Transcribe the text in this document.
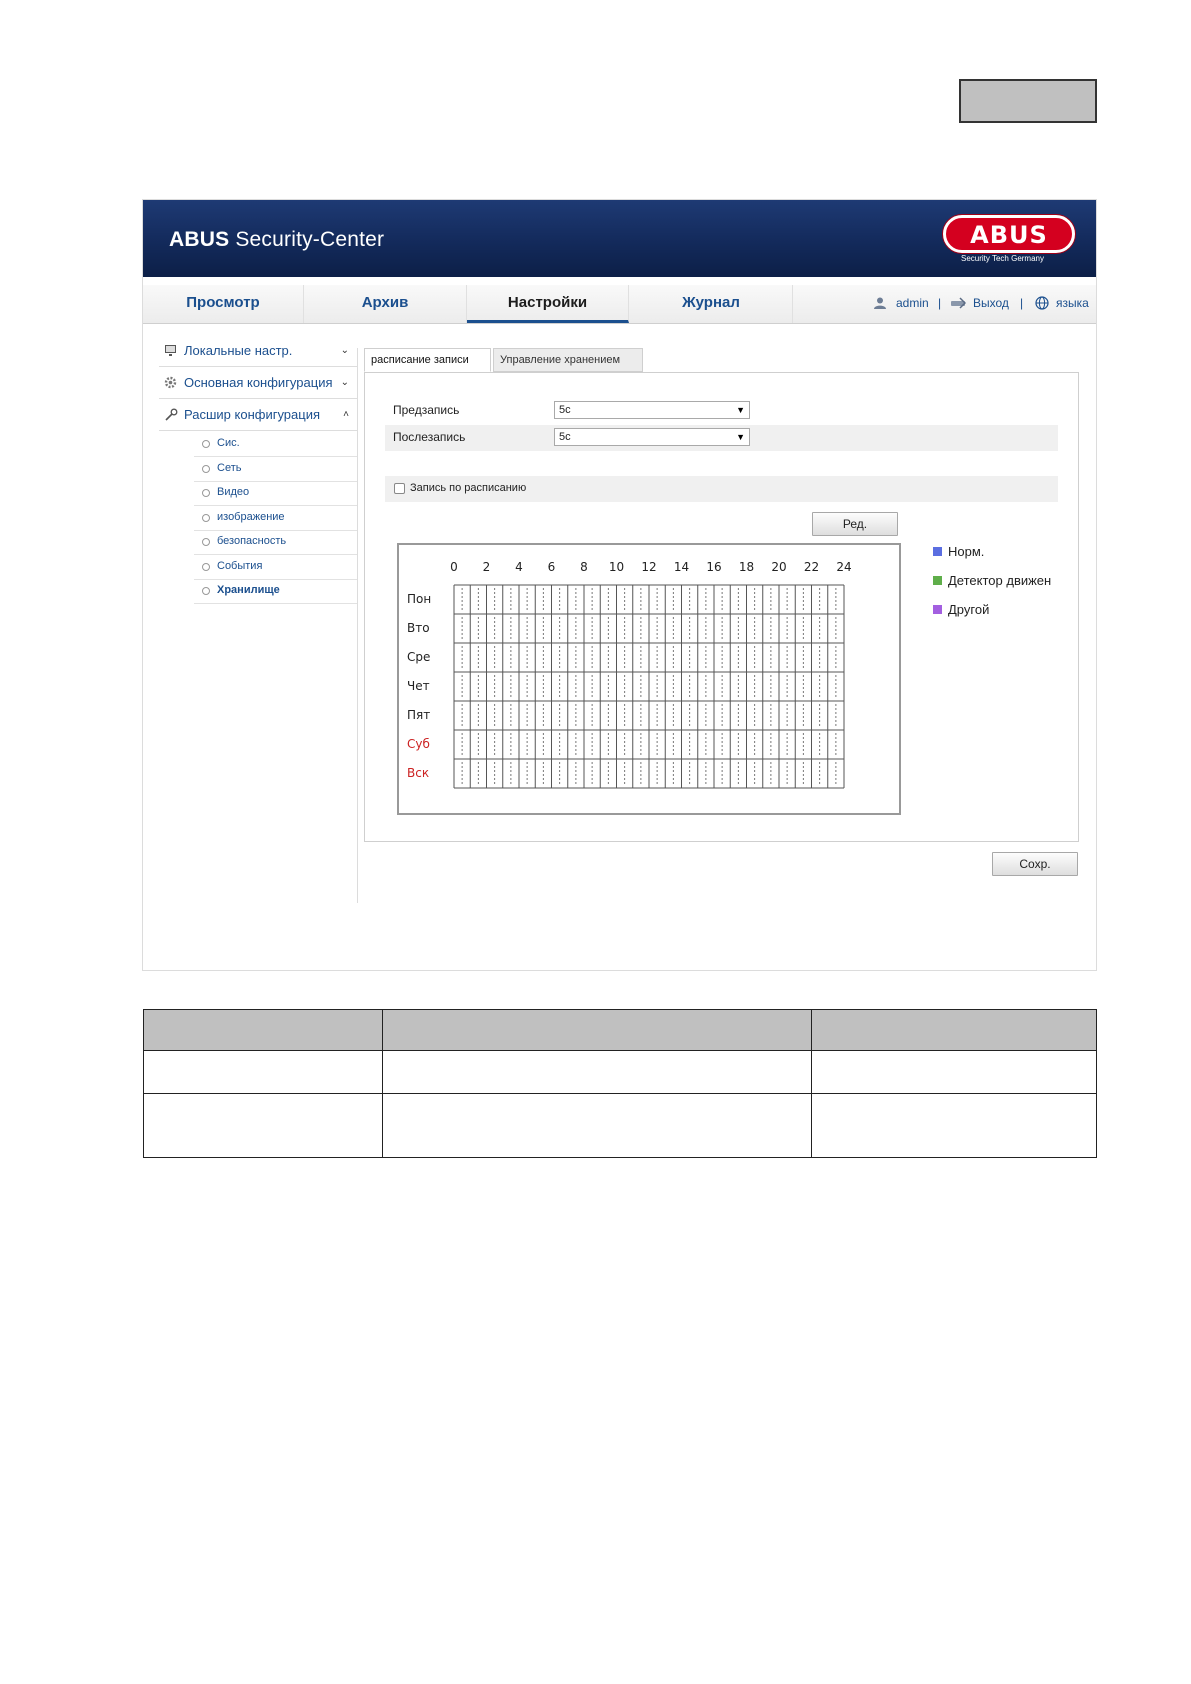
ABUS Security-Center	ABUS
Security Tech Germany
Просмотр	Архив	Настройки	Журнал	admin |	Выход |	языка
Локальные настр.	⌄
Основная конфигурация ⌄
Расшир конфигурация ˄
Сис.
Сеть
Видео
изображение
безопасность
События
Хранилище
расписание записи	Управление хранением
Предзапись	5с	▼
Послезапись	5с	▼
Запись по расписанию
Ред.
0 2 4 6 8 10 12 14 16 18 20 22 24
Пон
Вто
Сре
Чет
Пят
Суб
Вск
Норм.
Детектор движен
Другой
Сохр.
